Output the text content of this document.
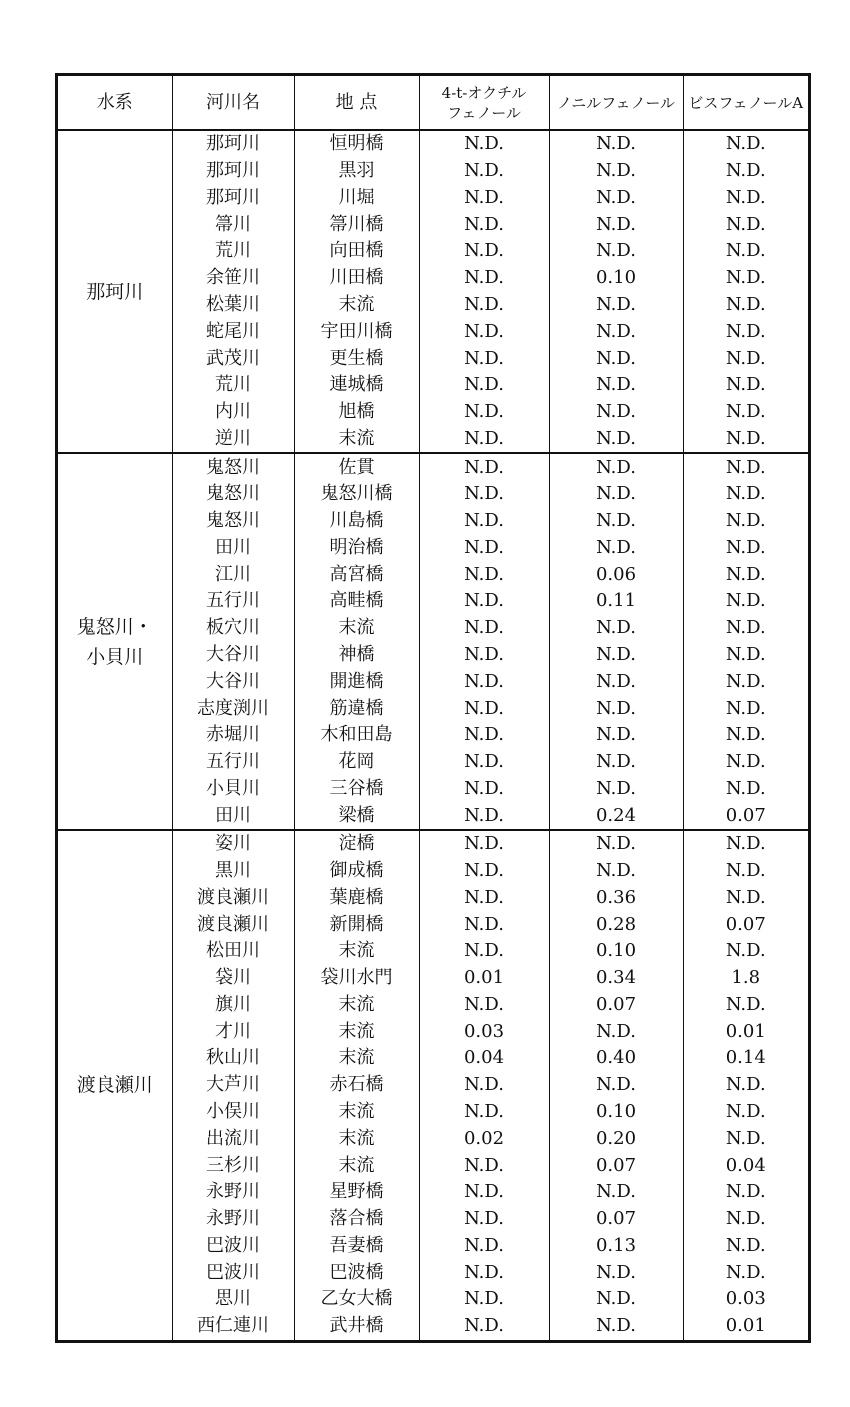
水系	河川名	地 点	4-t-オクチル
フェノール	ノニルフェノール	ビスフェノールA
那珂川	那珂川	恒明橋	N.D.	N.D.	N.D.
	那珂川	黒羽	N.D.	N.D.	N.D.
	那珂川	川堀	N.D.	N.D.	N.D.
	箒川	箒川橋	N.D.	N.D.	N.D.
	荒川	向田橋	N.D.	N.D.	N.D.
	余笹川	川田橋	N.D.	0.10	N.D.
	松葉川	末流	N.D.	N.D.	N.D.
	蛇尾川	宇田川橋	N.D.	N.D.	N.D.
	武茂川	更生橋	N.D.	N.D.	N.D.
	荒川	連城橋	N.D.	N.D.	N.D.
	内川	旭橋	N.D.	N.D.	N.D.
	逆川	末流	N.D.	N.D.	N.D.
鬼怒川・
小貝川	鬼怒川	佐貫	N.D.	N.D.	N.D.
	鬼怒川	鬼怒川橋	N.D.	N.D.	N.D.
	鬼怒川	川島橋	N.D.	N.D.	N.D.
	田川	明治橋	N.D.	N.D.	N.D.
	江川	高宮橋	N.D.	0.06	N.D.
	五行川	高畦橋	N.D.	0.11	N.D.
	板穴川	末流	N.D.	N.D.	N.D.
	大谷川	神橋	N.D.	N.D.	N.D.
	大谷川	開進橋	N.D.	N.D.	N.D.
	志度渕川	筋違橋	N.D.	N.D.	N.D.
	赤堀川	木和田島	N.D.	N.D.	N.D.
	五行川	花岡	N.D.	N.D.	N.D.
	小貝川	三谷橋	N.D.	N.D.	N.D.
	田川	梁橋	N.D.	0.24	0.07
渡良瀬川	姿川	淀橋	N.D.	N.D.	N.D.
	黒川	御成橋	N.D.	N.D.	N.D.
	渡良瀬川	葉鹿橋	N.D.	0.36	N.D.
	渡良瀬川	新開橋	N.D.	0.28	0.07
	松田川	末流	N.D.	0.10	N.D.
	袋川	袋川水門	0.01	0.34	1.8
	旗川	末流	N.D.	0.07	N.D.
	才川	末流	0.03	N.D.	0.01
	秋山川	末流	0.04	0.40	0.14
	大芦川	赤石橋	N.D.	N.D.	N.D.
	小俣川	末流	N.D.	0.10	N.D.
	出流川	末流	0.02	0.20	N.D.
	三杉川	末流	N.D.	0.07	0.04
	永野川	星野橋	N.D.	N.D.	N.D.
	永野川	落合橋	N.D.	0.07	N.D.
	巴波川	吾妻橋	N.D.	0.13	N.D.
	巴波川	巴波橋	N.D.	N.D.	N.D.
	思川	乙女大橋	N.D.	N.D.	0.03
	西仁連川	武井橋	N.D.	N.D.	0.01
